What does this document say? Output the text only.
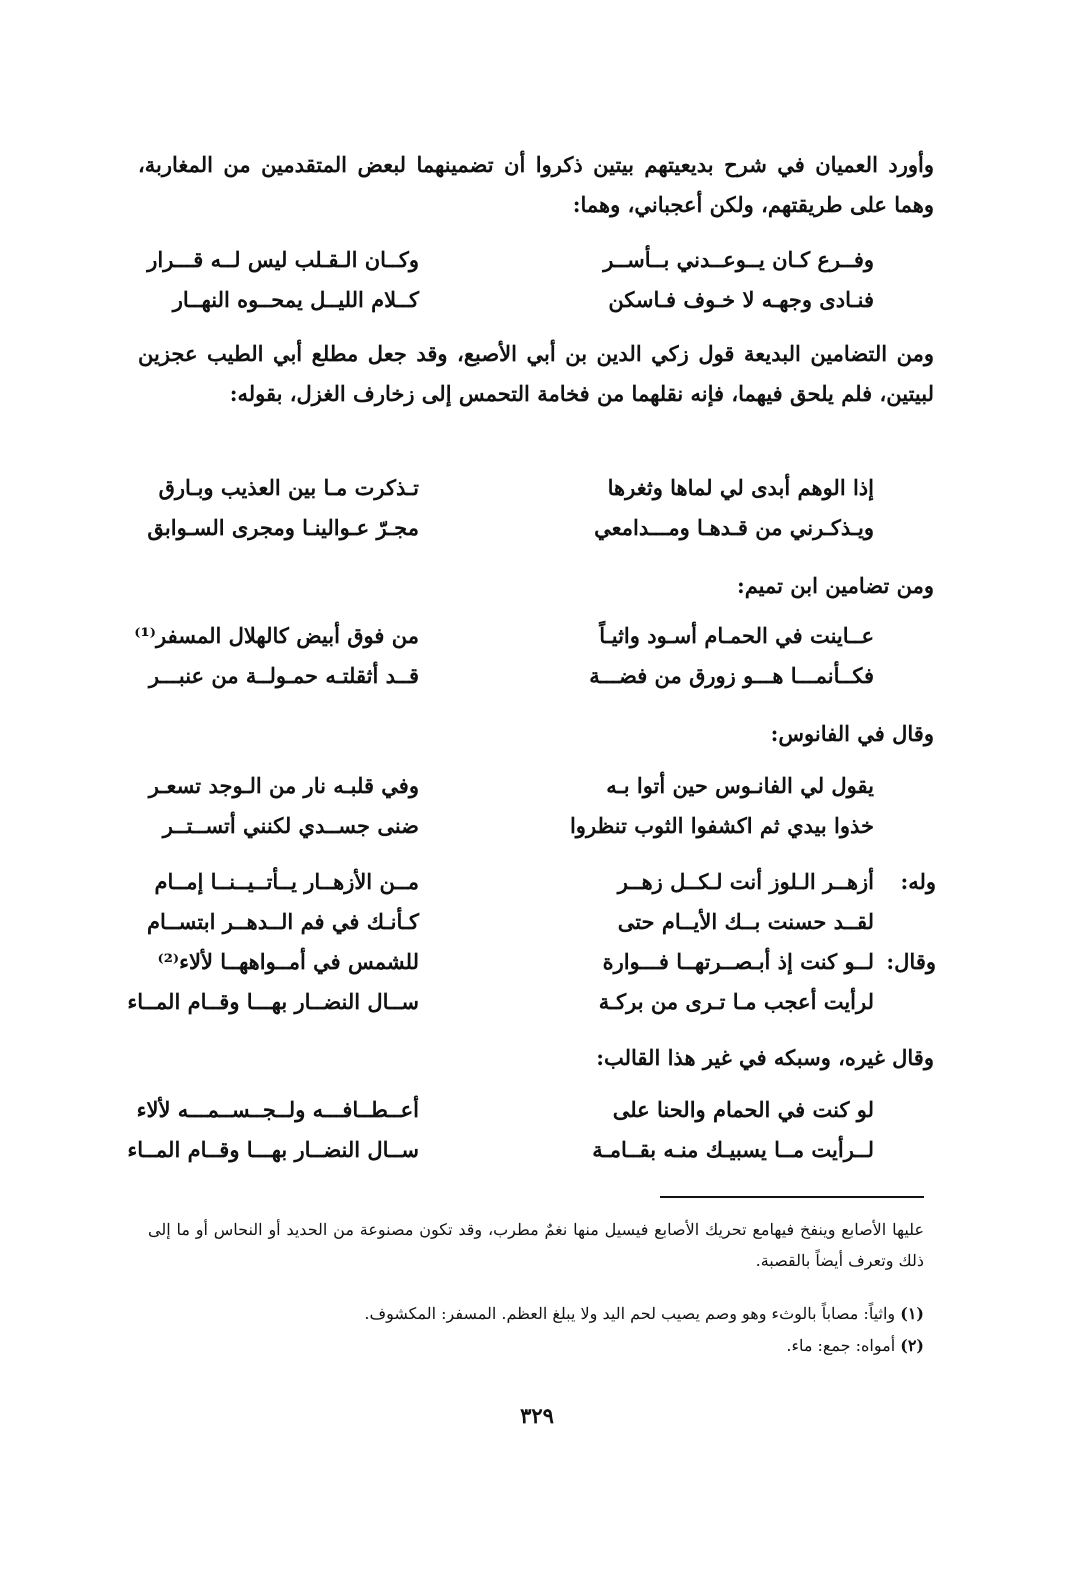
وأورد العميان في شرح بديعيتهم بيتين ذكروا أن تضمينهما لبعض المتقدمين من المغاربة، وهما على طريقتهم، ولكن أعجباني، وهما:
وفــرع كـان يــوعــدني بــأســر
وكــان الـقـلب ليس لــه قـــرار
فنـادى وجهـه لا خـوف فـاسكن
كــلام الليــل يمحــوه النهــار
ومن التضامين البديعة قول زكي الدين بن أبي الأصبع، وقد جعل مطلع أبي الطيب عجزين لبيتين، فلم يلحق فيهما، فإنه نقلهما من فخامة التحمس إلى زخارف الغزل، بقوله:
إذا الوهم أبدى لي لماها وثغرها
تـذكرت مـا بين العذيب وبـارق
ويـذكـرني من قـدهـا ومـــدامعي
مجـرّ عـوالينـا ومجرى السـوابق
ومن تضامين ابن تميم:
عــاينت في الحمـام أسـود واثيـاً
من فوق أبيض كالهلال المسفر⁽¹⁾
فكــأنمـــا هـــو زورق من فضـــة
قــد أثقلتـه حمـولــة من عنبـــر
وقال في الفانوس:
يقول لي الفانـوس حين أتوا بـه
وفي قلبـه نار من الـوجد تسعـر
خذوا بيدي ثم اكشفوا الثوب تنظروا
ضنى جســدي لكنني أتســتــر
وله:
أزهــر الـلوز أنت لـكــل زهــر
مــن الأزهــار يــأتــيــنــا إمــام
لقــد حسنت بــك الأيــام حتى
كـأنـك في فم الــدهــر ابتســام
وقال:
لــو كنت إذ أبـصــرتهــا فـــوارة
للشمس في أمــواههــا لألاء⁽²⁾
لرأيت أعجب مـا تـرى من بركـة
ســال النضــار بهـــا وقــام المــاء
وقال غيره، وسبكه في غير هذا القالب:
لو كنت في الحمام والحنا على
أعــطــافـــه ولــجــســمـــه لألاء
لــرأيت مــا يسبيـك منـه بقــامـة
ســال النضــار بهـــا وقــام المــاء
عليها الأصابع وينفخ فيهامع تحريك الأصابع فيسيل منها نغمٌ مطرب، وقد تكون مصنوعة من الحديد أو النحاس أو ما إلى ذلك وتعرف أيضاً بالقصبة.
(١) واثياً: مصاباً بالوثء وهو وصم يصيب لحم اليد ولا يبلغ العظم. المسفر: المكشوف.
(٢) أمواه: جمع: ماء.
٣٢٩
